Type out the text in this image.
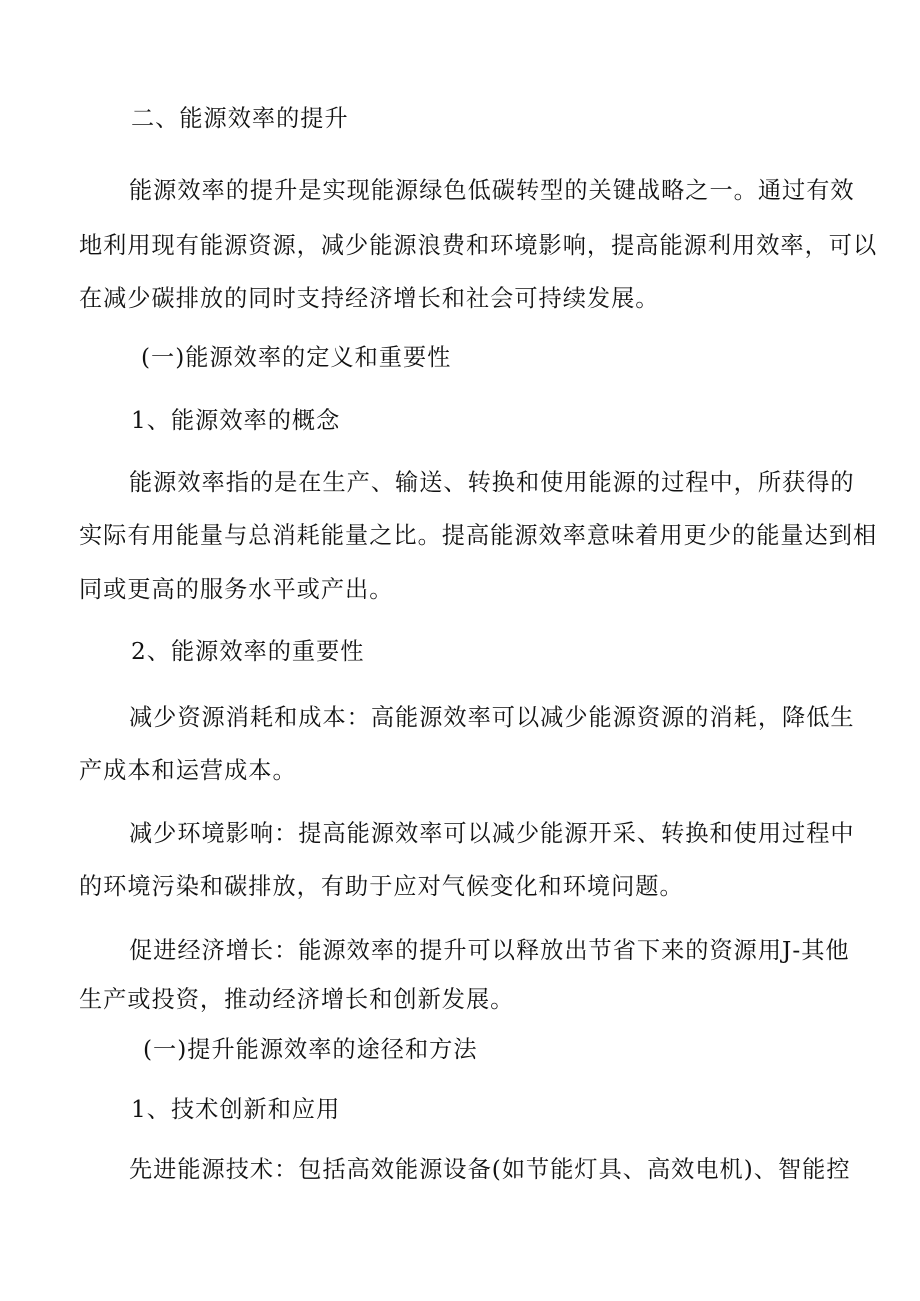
二、能源效率的提升
能源效率的提升是实现能源绿色低碳转型的关键战略之一。通过有效
地利用现有能源资源，减少能源浪费和环境影响，提高能源利用效率，可以
在减少碳排放的同时支持经济增长和社会可持续发展。
(一)能源效率的定义和重要性
1、能源效率的概念
能源效率指的是在生产、输送、转换和使用能源的过程中，所获得的
实际有用能量与总消耗能量之比。提高能源效率意味着用更少的能量达到相
同或更高的服务水平或产出。
2、能源效率的重要性
减少资源消耗和成本：高能源效率可以减少能源资源的消耗，降低生
产成本和运营成本。
减少环境影响：提高能源效率可以减少能源开采、转换和使用过程中
的环境污染和碳排放，有助于应对气候变化和环境问题。
促进经济增长：能源效率的提升可以释放出节省下来的资源用J-其他
生产或投资，推动经济增长和创新发展。
(一)提升能源效率的途径和方法
1、技术创新和应用
先进能源技术：包括高效能源设备(如节能灯具、高效电机)、智能控
